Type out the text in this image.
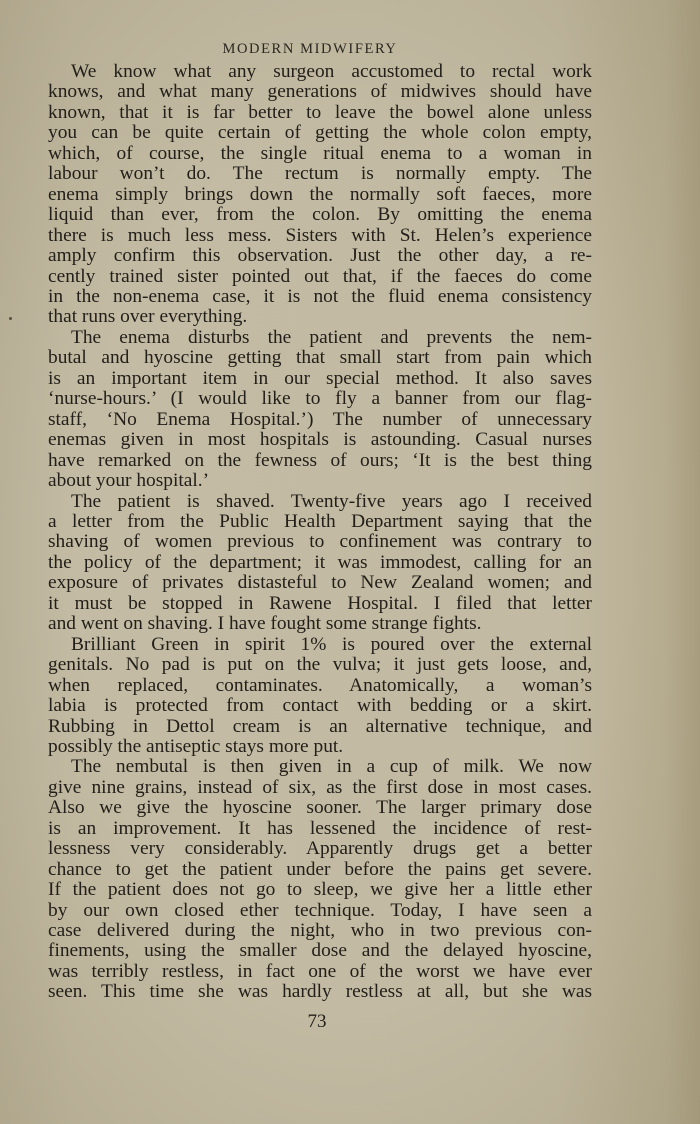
MODERN MIDWIFERY
We know what any surgeon accustomed to rectal work
knows, and what many generations of midwives should have
known, that it is far better to leave the bowel alone unless
you can be quite certain of getting the whole colon empty,
which, of course, the single ritual enema to a woman in
labour won’t do. The rectum is normally empty. The
enema simply brings down the normally soft faeces, more
liquid than ever, from the colon. By omitting the enema
there is much less mess. Sisters with St. Helen’s experience
amply confirm this observation. Just the other day, a re-
cently trained sister pointed out that, if the faeces do come
in the non-enema case, it is not the fluid enema consistency
that runs over everything.
The enema disturbs the patient and prevents the nem-
butal and hyoscine getting that small start from pain which
is an important item in our special method. It also saves
‘nurse-hours.’ (I would like to fly a banner from our flag-
staff, ‘No Enema Hospital.’) The number of unnecessary
enemas given in most hospitals is astounding. Casual nurses
have remarked on the fewness of ours; ‘It is the best thing
about your hospital.’
The patient is shaved. Twenty-five years ago I received
a letter from the Public Health Department saying that the
shaving of women previous to confinement was contrary to
the policy of the department; it was immodest, calling for an
exposure of privates distasteful to New Zealand women; and
it must be stopped in Rawene Hospital. I filed that letter
and went on shaving. I have fought some strange fights.
Brilliant Green in spirit 1% is poured over the external
genitals. No pad is put on the vulva; it just gets loose, and,
when replaced, contaminates. Anatomically, a woman’s
labia is protected from contact with bedding or a skirt.
Rubbing in Dettol cream is an alternative technique, and
possibly the antiseptic stays more put.
The nembutal is then given in a cup of milk. We now
give nine grains, instead of six, as the first dose in most cases.
Also we give the hyoscine sooner. The larger primary dose
is an improvement. It has lessened the incidence of rest-
lessness very considerably. Apparently drugs get a better
chance to get the patient under before the pains get severe.
If the patient does not go to sleep, we give her a little ether
by our own closed ether technique. Today, I have seen a
case delivered during the night, who in two previous con-
finements, using the smaller dose and the delayed hyoscine,
was terribly restless, in fact one of the worst we have ever
seen. This time she was hardly restless at all, but she was
73
